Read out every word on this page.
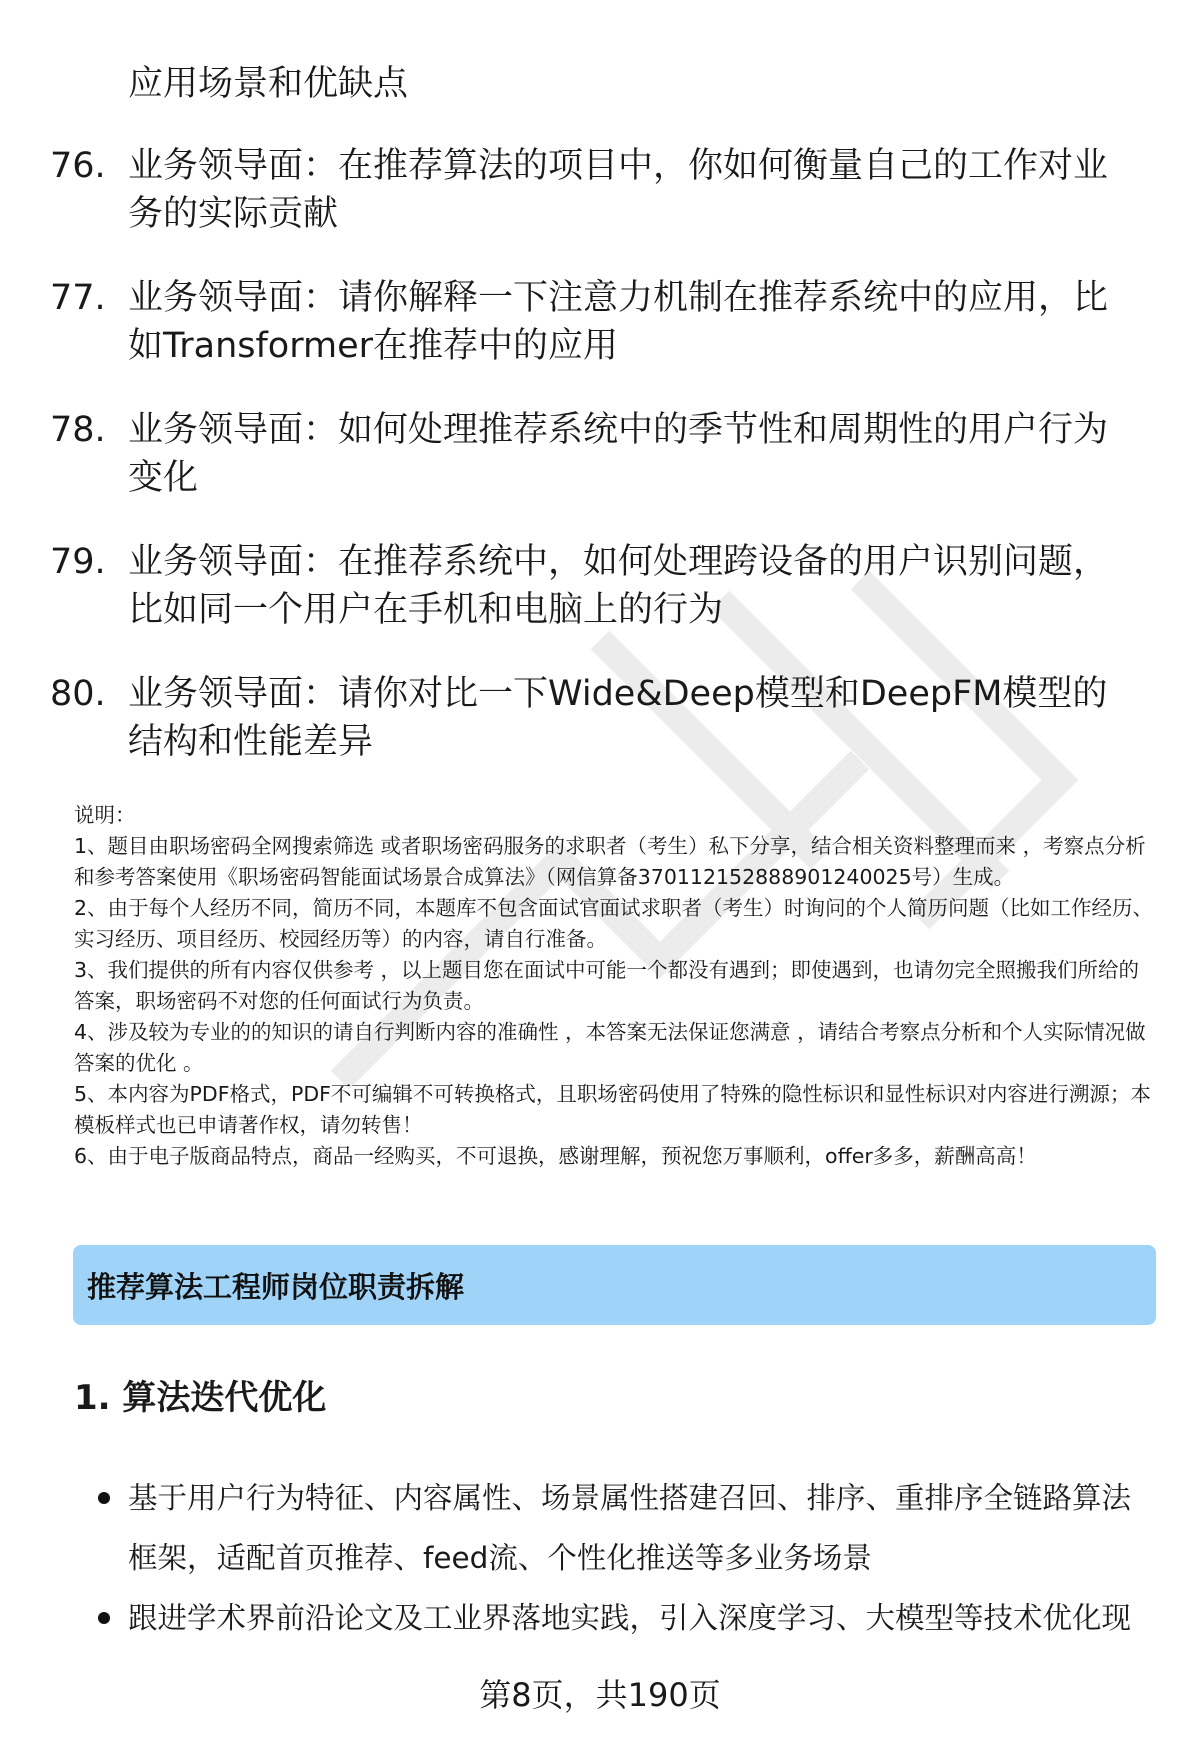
应用场景和优缺点

76. 业务领导面：在推荐算法的项目中，你如何衡量自己的工作对业务的实际贡献
77. 业务领导面：请你解释一下注意力机制在推荐系统中的应用，比如Transformer在推荐中的应用
78. 业务领导面：如何处理推荐系统中的季节性和周期性的用户行为变化
79. 业务领导面：在推荐系统中，如何处理跨设备的用户识别问题，比如同一个用户在手机和电脑上的行为
80. 业务领导面：请你对比一下Wide&Deep模型和DeepFM模型的结构和性能差异

说明：

1、题目由职场密码全网搜索筛选 或者职场密码服务的求职者（考生）私下分享，结合相关资料整理而来 ，考察点分析和参考答案使用《职场密码智能面试场景合成算法》（网信算备370112152888901240025号）生成。

2、由于每个人经历不同，简历不同，本题库不包含面试官面试求职者（考生）时询问的个人简历问题（比如工作经历、实习经历、项目经历、校园经历等）的内容，请自行准备。

3、我们提供的所有内容仅供参考 ，以上题目您在面试中可能一个都没有遇到；即使遇到，也请勿完全照搬我们所给的答案，职场密码不对您的任何面试行为负责。

4、涉及较为专业的的知识的请自行判断内容的准确性 ，本答案无法保证您满意 ，请结合考察点分析和个人实际情况做答案的优化 。

5、本内容为PDF格式，PDF不可编辑不可转换格式，且职场密码使用了特殊的隐性标识和显性标识对内容进行溯源；本模板样式也已申请著作权，请勿转售！

6、由于电子版商品特点，商品一经购买，不可退换，感谢理解，预祝您万事顺利，offer多多，薪酬高高！

推荐算法工程师岗位职责拆解
1. 算法迭代优化
基于用户行为特征、内容属性、场景属性搭建召回、排序、重排序全链路算法框架，适配首页推荐、feed流、个性化推送等多业务场景
跟进学术界前沿论文及工业界落地实践，引入深度学习、大模型等技术优化现

第8页，共190页
